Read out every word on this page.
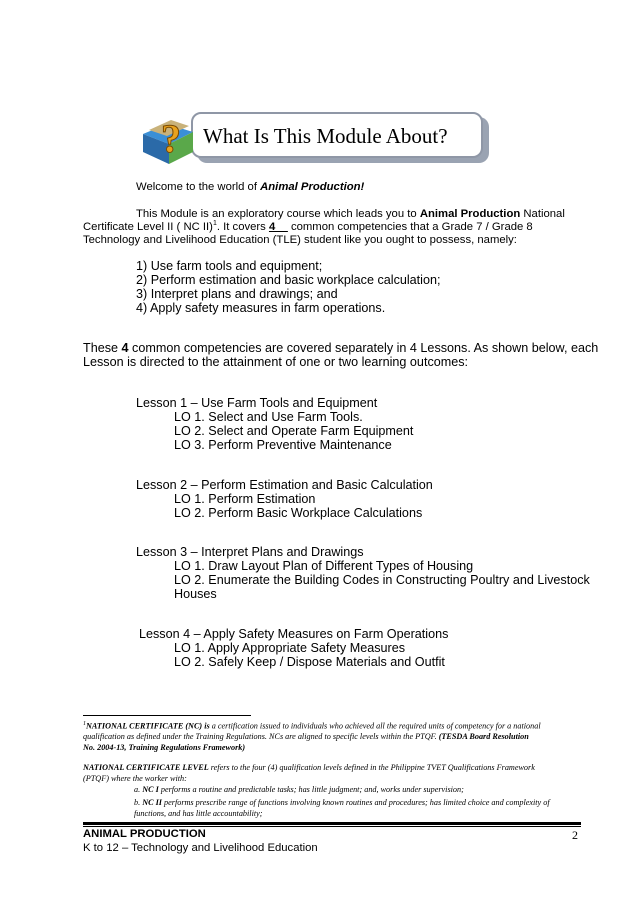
? What Is This Module About?
Welcome to the world of Animal Production!
This Module is an exploratory course which leads you to Animal Production National
Certificate Level II ( NC II)$^1$. It covers 4__ common competencies that a Grade 7 / Grade 8
Technology and Livelihood Education (TLE) student like you ought to possess, namely:
1) Use farm tools and equipment;
2) Perform estimation and basic workplace calculation;
3) Interpret plans and drawings; and
4) Apply safety measures in farm operations.
These 4 common competencies are covered separately in 4 Lessons. As shown below, each
Lesson is directed to the attainment of one or two learning outcomes:
Lesson 1 – Use Farm Tools and Equipment
LO 1. Select and Use Farm Tools.
LO 2. Select and Operate Farm Equipment
LO 3. Perform Preventive Maintenance
Lesson 2 – Perform Estimation and Basic Calculation
LO 1. Perform Estimation
LO 2. Perform Basic Workplace Calculations
Lesson 3 – Interpret Plans and Drawings
LO 1. Draw Layout Plan of Different Types of Housing
LO 2. Enumerate the Building Codes in Constructing Poultry and Livestock
Houses
Lesson 4 – Apply Safety Measures on Farm Operations
LO 1. Apply Appropriate Safety Measures
LO 2. Safely Keep / Dispose Materials and Outfit
$^1$NATIONAL CERTIFICATE (NC) is a certification issued to individuals who achieved all the required units of competency for a national
qualification as defined under the Training Regulations. NCs are aligned to specific levels within the PTQF. (TESDA Board Resolution
No. 2004-13, Training Regulations Framework)
NATIONAL CERTIFICATE LEVEL refers to the four (4) qualification levels defined in the Philippine TVET Qualifications Framework
(PTQF) where the worker with:
a. NC I performs a routine and predictable tasks; has little judgment; and, works under supervision;
b. NC II performs prescribe range of functions involving known routines and procedures; has limited choice and complexity of
functions, and has little accountability;
ANIMAL PRODUCTION	2
K to 12 – Technology and Livelihood Education
